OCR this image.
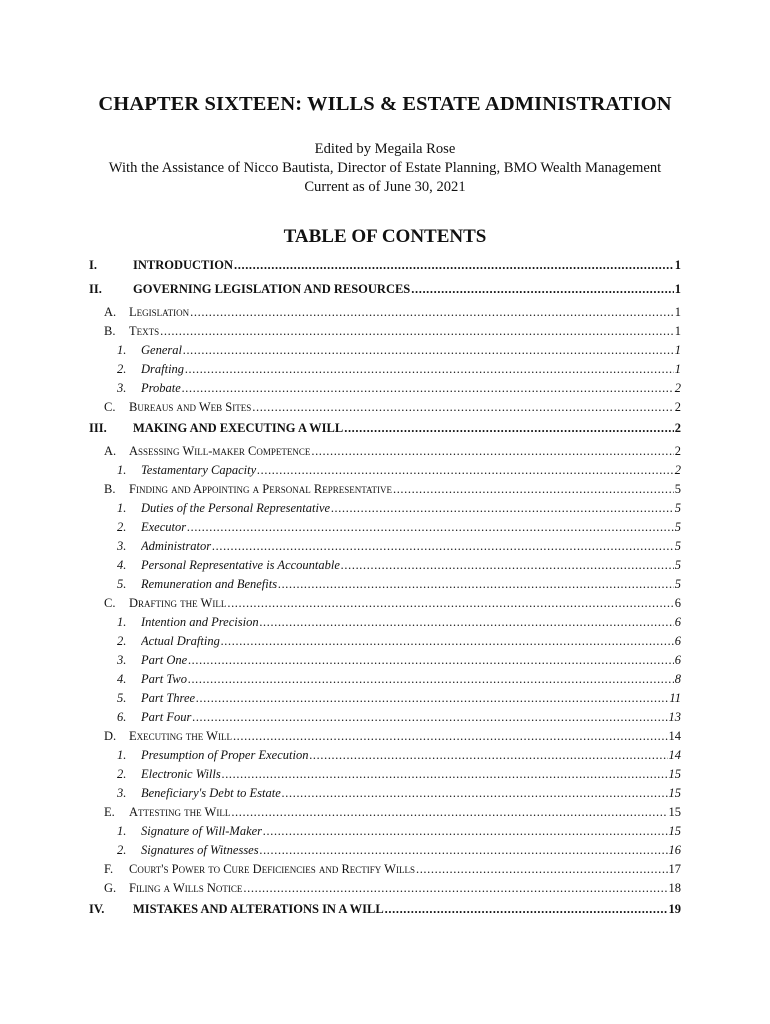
CHAPTER SIXTEEN: WILLS & ESTATE ADMINISTRATION
Edited by Megaila Rose
With the Assistance of Nicco Bautista, Director of Estate Planning, BMO Wealth Management
Current as of June 30, 2021
TABLE OF CONTENTS
I.	INTRODUCTION .....	1
II. GOVERNING LEGISLATION AND RESOURCES .....	1
A. Legislation .....	1
B. Texts .....	1
1. General .....	1
2. Drafting .....	1
3. Probate .....	2
C. Bureaus and Web Sites .....	2
III. MAKING AND EXECUTING A WILL .....	2
A. Assessing Will-maker Competence .....	2
1. Testamentary Capacity .....	2
B. Finding and Appointing a Personal Representative .....	5
1. Duties of the Personal Representative .....	5
2. Executor .....	5
3. Administrator .....	5
4. Personal Representative is Accountable .....	5
5. Remuneration and Benefits .....	5
C. Drafting the Will .....	6
1. Intention and Precision .....	6
2. Actual Drafting .....	6
3. Part One .....	6
4. Part Two .....	8
5. Part Three .....	11
6. Part Four .....	13
D. Executing the Will .....	14
1. Presumption of Proper Execution .....	14
2. Electronic Wills .....	15
3. Beneficiary's Debt to Estate .....	15
E. Attesting the Will .....	15
1. Signature of Will-Maker .....	15
2. Signatures of Witnesses .....	16
F. Court's Power to Cure Deficiencies and Rectify Wills .....	17
G. Filing a Wills Notice .....	18
IV. MISTAKES AND ALTERATIONS IN A WILL .....	19
